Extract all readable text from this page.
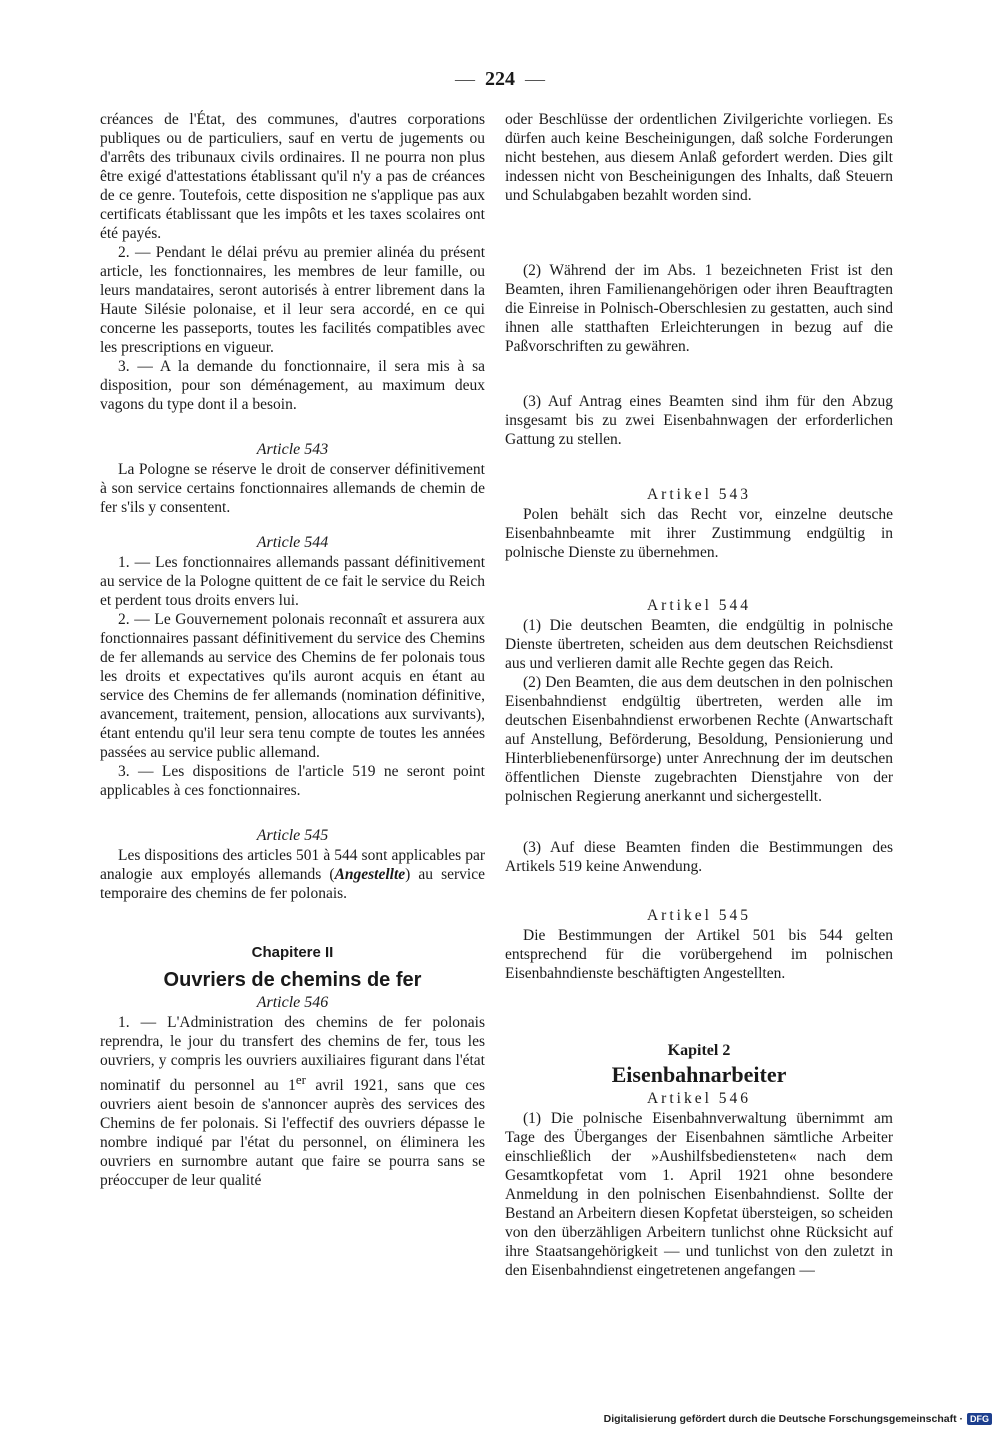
— 224 —

créances de l'État, des communes, d'autres corporations publiques ou de particuliers, sauf en vertu de jugements ou d'arrêts des tribunaux civils ordinaires. Il ne pourra non plus être exigé d'attestations établissant qu'il n'y a pas de créances de ce genre. Toutefois, cette disposition ne s'applique pas aux certificats établissant que les impôts et les taxes scolaires ont été payés.

2. — Pendant le délai prévu au premier alinéa du présent article, les fonctionnaires, les membres de leur famille, ou leurs mandataires, seront autorisés à entrer librement dans la Haute Silésie polonaise, et il leur sera accordé, en ce qui concerne les passeports, toutes les facilités compatibles avec les prescriptions en vigueur.

3. — A la demande du fonctionnaire, il sera mis à sa disposition, pour son déménagement, au maximum deux vagons du type dont il a besoin.

Article 543

La Pologne se réserve le droit de conserver définitivement à son service certains fonctionnaires allemands de chemin de fer s'ils y consentent.

Article 544

1. — Les fonctionnaires allemands passant définitivement au service de la Pologne quittent de ce fait le service du Reich et perdent tous droits envers lui.

2. — Le Gouvernement polonais reconnaît et assurera aux fonctionnaires passant définitivement du service des Chemins de fer allemands au service des Chemins de fer polonais tous les droits et expectatives qu'ils auront acquis en étant au service des Chemins de fer allemands (nomination définitive, avancement, traitement, pension, allocations aux survivants), étant entendu qu'il leur sera tenu compte de toutes les années passées au service public allemand.

3. — Les dispositions de l'article 519 ne seront point applicables à ces fonctionnaires.

Article 545

Les dispositions des articles 501 à 544 sont applicables par analogie aux employés allemands (Angestellte) au service temporaire des chemins de fer polonais.

Chapitere II

Ouvriers de chemins de fer

Article 546

1. — L'Administration des chemins de fer polonais reprendra, le jour du transfert des chemins de fer, tous les ouvriers, y compris les ouvriers auxiliaires figurant dans l'état nominatif du personnel au 1er avril 1921, sans que ces ouvriers aient besoin de s'annoncer auprès des services des Chemins de fer polonais. Si l'effectif des ouvriers dépasse le nombre indiqué par l'état du personnel, on éliminera les ouvriers en surnombre autant que faire se pourra sans se préoccuper de leur qualité

oder Beschlüsse der ordentlichen Zivilgerichte vorliegen. Es dürfen auch keine Bescheinigungen, daß solche Forderungen nicht bestehen, aus diesem Anlaß gefordert werden. Dies gilt indessen nicht von Bescheinigungen des Inhalts, daß Steuern und Schulabgaben bezahlt worden sind.

(2) Während der im Abs. 1 bezeichneten Frist ist den Beamten, ihren Familienangehörigen oder ihren Beauftragten die Einreise in Polnisch-Oberschlesien zu gestatten, auch sind ihnen alle statthaften Erleichterungen in bezug auf die Paßvorschriften zu gewähren.

(3) Auf Antrag eines Beamten sind ihm für den Abzug insgesamt bis zu zwei Eisenbahnwagen der erforderlichen Gattung zu stellen.

Artikel 543

Polen behält sich das Recht vor, einzelne deutsche Eisenbahnbeamte mit ihrer Zustimmung endgültig in polnische Dienste zu übernehmen.

Artikel 544

(1) Die deutschen Beamten, die endgültig in polnische Dienste übertreten, scheiden aus dem deutschen Reichsdienst aus und verlieren damit alle Rechte gegen das Reich.

(2) Den Beamten, die aus dem deutschen in den polnischen Eisenbahndienst endgültig übertreten, werden alle im deutschen Eisenbahndienst erworbenen Rechte (Anwartschaft auf Anstellung, Beförderung, Besoldung, Pensionierung und Hinterbliebenenfürsorge) unter Anrechnung der im deutschen öffentlichen Dienste zugebrachten Dienstjahre von der polnischen Regierung anerkannt und sichergestellt.

(3) Auf diese Beamten finden die Bestimmungen des Artikels 519 keine Anwendung.

Artikel 545

Die Bestimmungen der Artikel 501 bis 544 gelten entsprechend für die vorübergehend im polnischen Eisenbahndienste beschäftigten Angestellten.

Kapitel 2

Eisenbahnarbeiter

Artikel 546

(1) Die polnische Eisenbahnverwaltung übernimmt am Tage des Überganges der Eisenbahnen sämtliche Arbeiter einschließlich der »Aushilfsbediensteten« nach dem Gesamtkopfetat vom 1. April 1921 ohne besondere Anmeldung in den polnischen Eisenbahndienst. Sollte der Bestand an Arbeitern diesen Kopfetat übersteigen, so scheiden von den überzähligen Arbeitern tunlichst ohne Rücksicht auf ihre Staatsangehörigkeit — und tunlichst von den zuletzt in den Eisenbahndienst eingetretenen angefangen —

Digitalisierung gefördert durch die Deutsche Forschungsgemeinschaft · DFG
